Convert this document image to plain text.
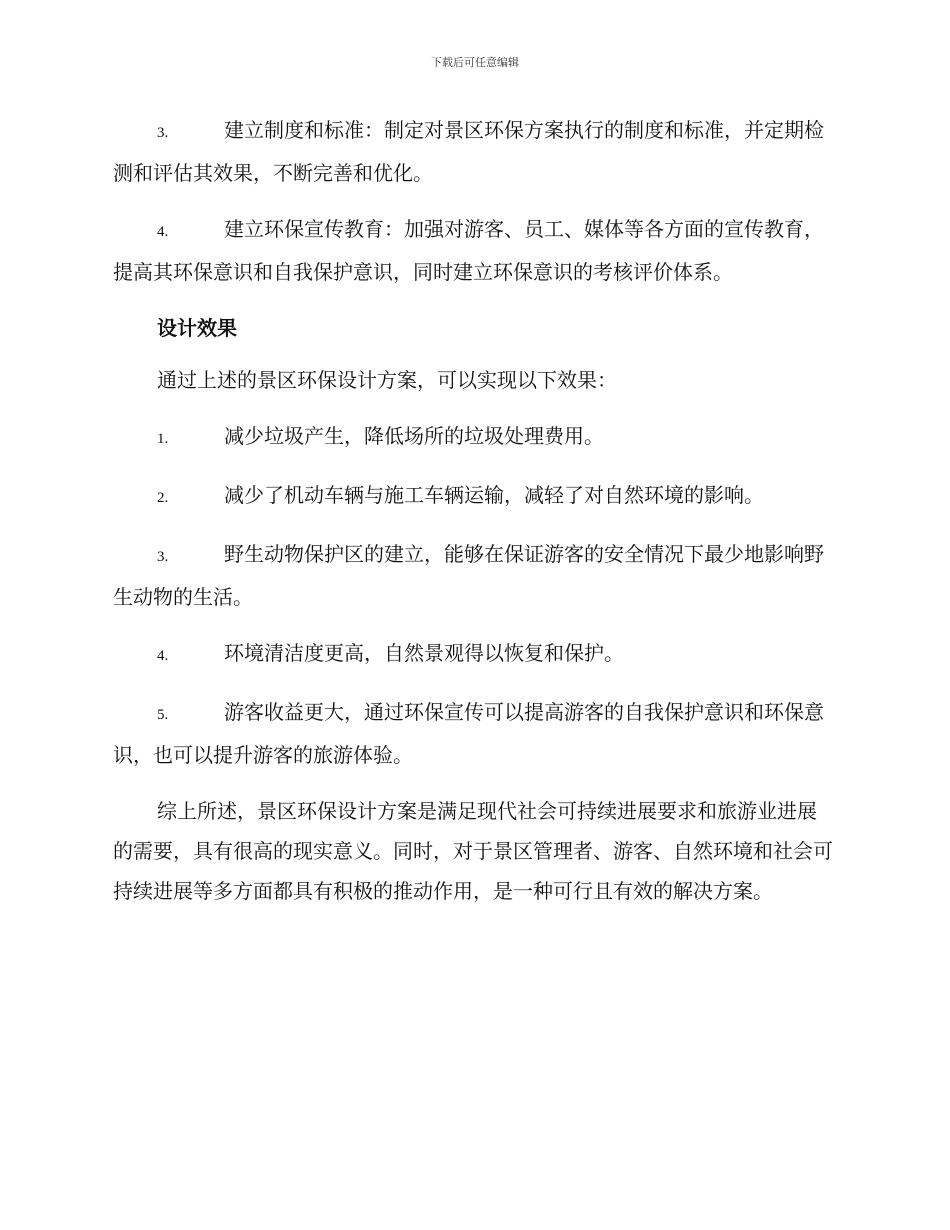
下载后可任意编辑

3.	建立制度和标准：制定对景区环保方案执行的制度和标准，并定期检测和评估其效果，不断完善和优化。

4.	建立环保宣传教育：加强对游客、员工、媒体等各方面的宣传教育，提高其环保意识和自我保护意识，同时建立环保意识的考核评价体系。

设计效果

通过上述的景区环保设计方案，可以实现以下效果：

1.	减少垃圾产生，降低场所的垃圾处理费用。

2.	减少了机动车辆与施工车辆运输，减轻了对自然环境的影响。

3.	野生动物保护区的建立，能够在保证游客的安全情况下最少地影响野生动物的生活。

4.	环境清洁度更高，自然景观得以恢复和保护。

5.	游客收益更大，通过环保宣传可以提高游客的自我保护意识和环保意识，也可以提升游客的旅游体验。

综上所述，景区环保设计方案是满足现代社会可持续进展要求和旅游业进展的需要，具有很高的现实意义。同时，对于景区管理者、游客、自然环境和社会可持续进展等多方面都具有积极的推动作用，是一种可行且有效的解决方案。
